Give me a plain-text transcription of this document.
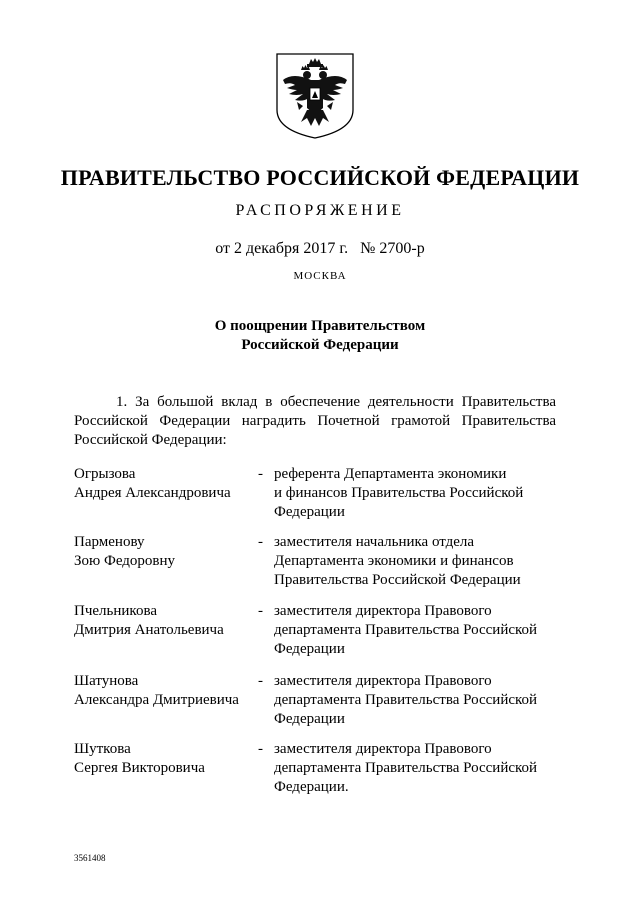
ПРАВИТЕЛЬСТВО РОССИЙСКОЙ ФЕДЕРАЦИИ
РАСПОРЯЖЕНИЕ
от 2 декабря 2017 г. № 2700-р
МОСКВА
О поощрении Правительством
Российской Федерации
1. За большой вклад в обеспечение деятельности Правительства
Российской Федерации наградить Почетной грамотой Правительства
Российской Федерации:
Огрызова
Андрея Александровича
- референта Департамента экономики
и финансов Правительства Российской
Федерации
Парменову
Зою Федоровну
- заместителя начальника отдела
Департамента экономики и финансов
Правительства Российской Федерации
Пчельникова
Дмитрия Анатольевича
- заместителя директора Правового
департамента Правительства Российской
Федерации
Шатунова
Александра Дмитриевича
- заместителя директора Правового
департамента Правительства Российской
Федерации
Шуткова
Сергея Викторовича
- заместителя директора Правового
департамента Правительства Российской
Федерации.
3561408
